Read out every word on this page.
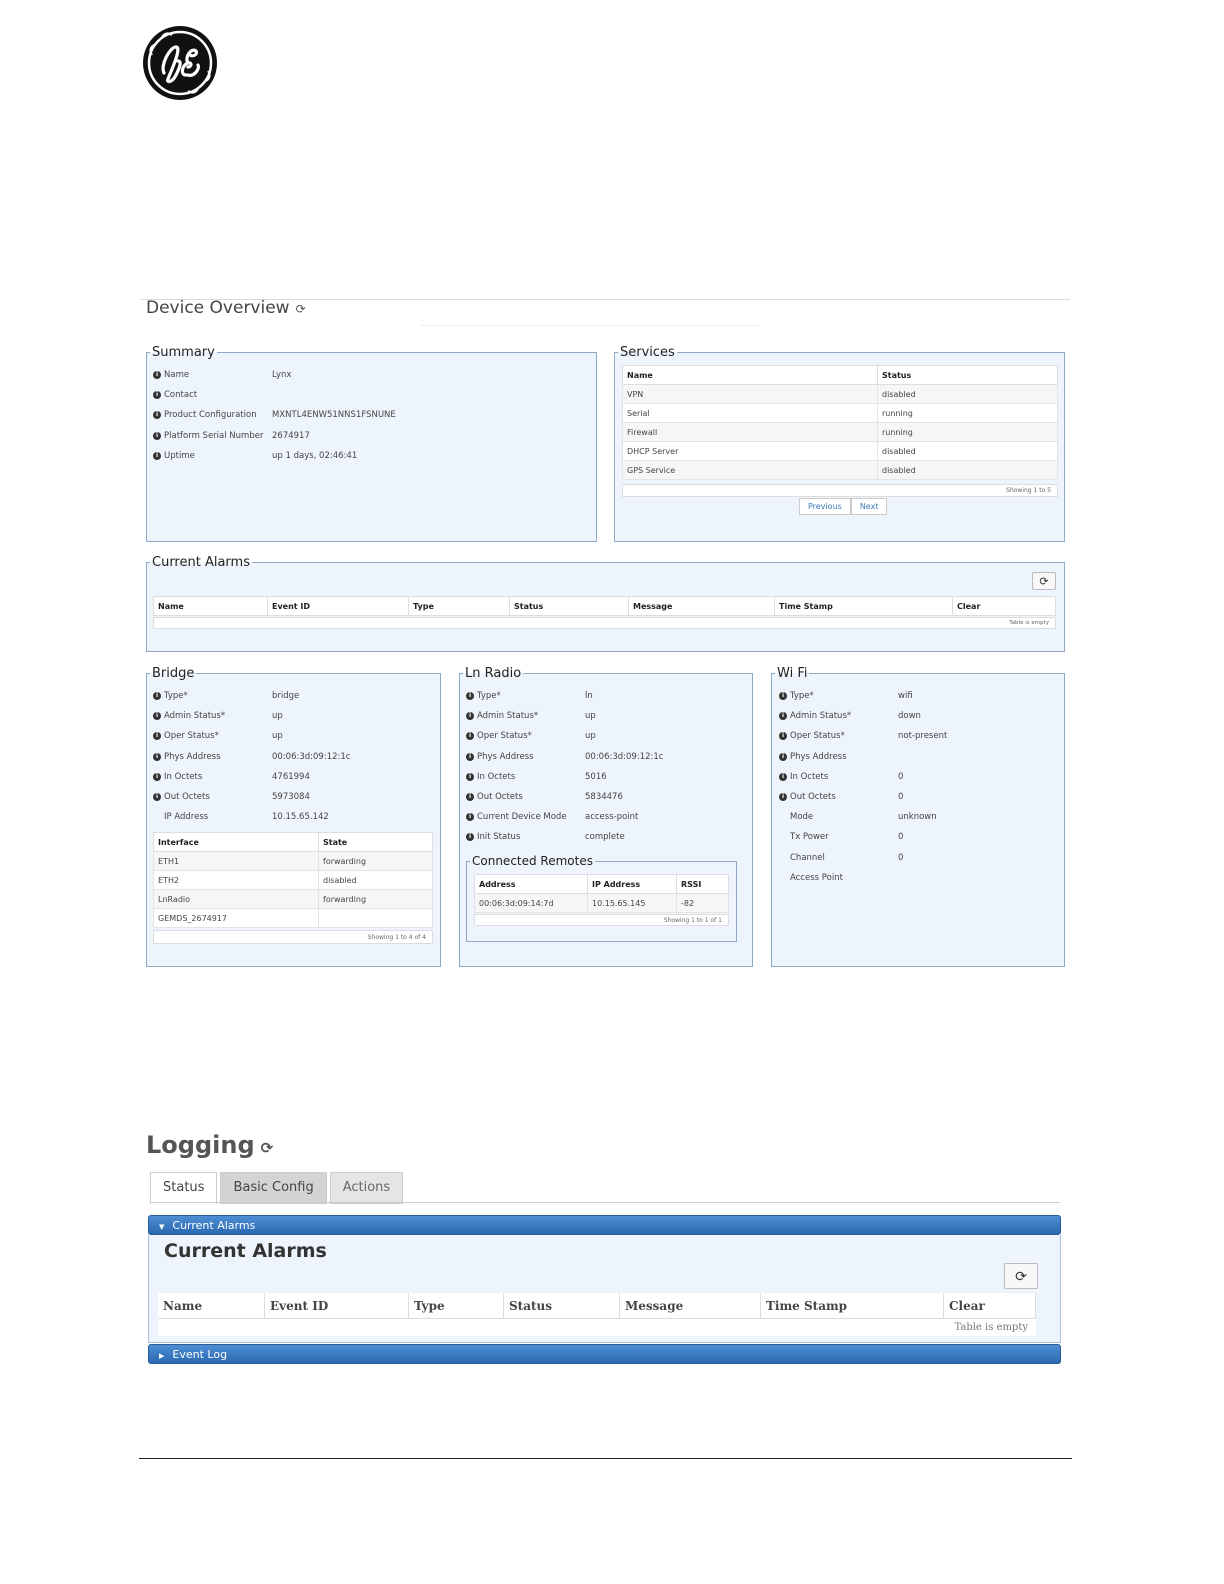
Device Overview ⟳
Summary
i Name	Lynx
i Contact
i Product Configuration MXNTL4ENW51NNS1FSNUNE
i Platform Serial Number 2674917
i Uptime	up 1 days, 02:46:41
Services
Name	Status
VPN	disabled
Serial	running
Firewall	running
DHCP Server	disabled
GPS Service	disabled
Showing 1 to 5
Previous	Next
Current Alarms
⟳
Name	Event ID	Type	Status	Message	Time Stamp	Clear
Table is empty
Bridge
i Type*	bridge
i Admin Status*	up
i Oper Status*	up
i Phys Address	00:06:3d:09:12:1c
i In Octets	4761994
i Out Octets	5973084
IP Address	10.15.65.142
Interface	State
ETH1	forwarding
ETH2	disabled
LnRadio	forwarding
GEMDS_2674917	
Showing 1 to 4 of 4
Ln Radio
i Type*	ln
i Admin Status*	up
i Oper Status*	up
i Phys Address	00:06:3d:09:12:1c
i In Octets	5016
i Out Octets	5834476
i Current Device Mode access-point
i Init Status	complete
Connected Remotes
Address	IP Address	RSSI
00:06:3d:09:14:7d	10.15.65.145	-82
Showing 1 to 1 of 1
Wi Fi
i Type*	wifi
i Admin Status*	down
i Oper Status*	not-present
i Phys Address
i In Octets	0
i Out Octets	0
Mode	unknown
Tx Power	0
Channel	0
Access Point
Logging ⟳
Status	Basic Config	Actions
▼ Current Alarms
Current Alarms
⟳
Name	Event ID	Type	Status	Message	Time Stamp	Clear
Table is empty
▶ Event Log
